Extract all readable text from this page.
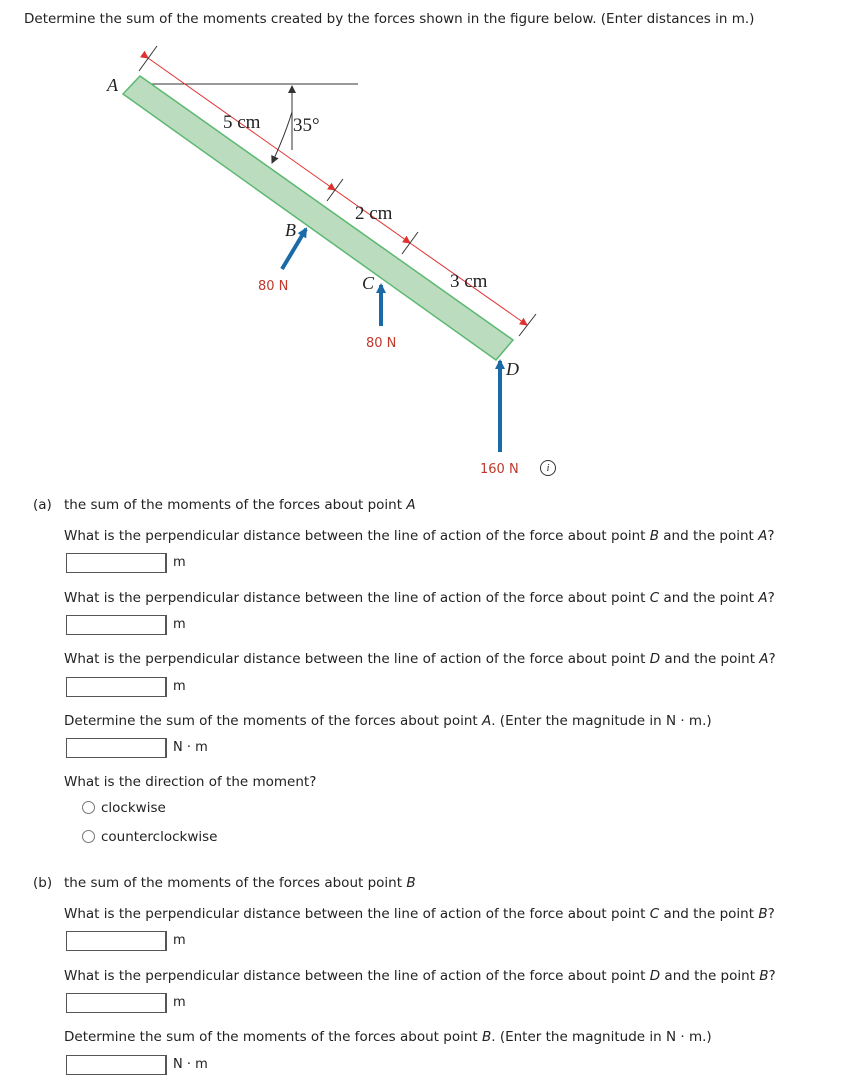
Determine the sum of the moments created by the forces shown in the figure below. (Enter distances in m.)
A
B
C
D
5 cm 35°
2 cm
3 cm
80 N
80 N
160 N	i
(a) the sum of the moments of the forces about point A
What is the perpendicular distance between the line of action of the force about point B and the point A?
m
What is the perpendicular distance between the line of action of the force about point C and the point A?
m
What is the perpendicular distance between the line of action of the force about point D and the point A?
m
Determine the sum of the moments of the forces about point A. (Enter the magnitude in N · m.)
N · m
What is the direction of the moment?
clockwise
counterclockwise
(b) the sum of the moments of the forces about point B
What is the perpendicular distance between the line of action of the force about point C and the point B?
m
What is the perpendicular distance between the line of action of the force about point D and the point B?
m
Determine the sum of the moments of the forces about point B. (Enter the magnitude in N · m.)
N · m
